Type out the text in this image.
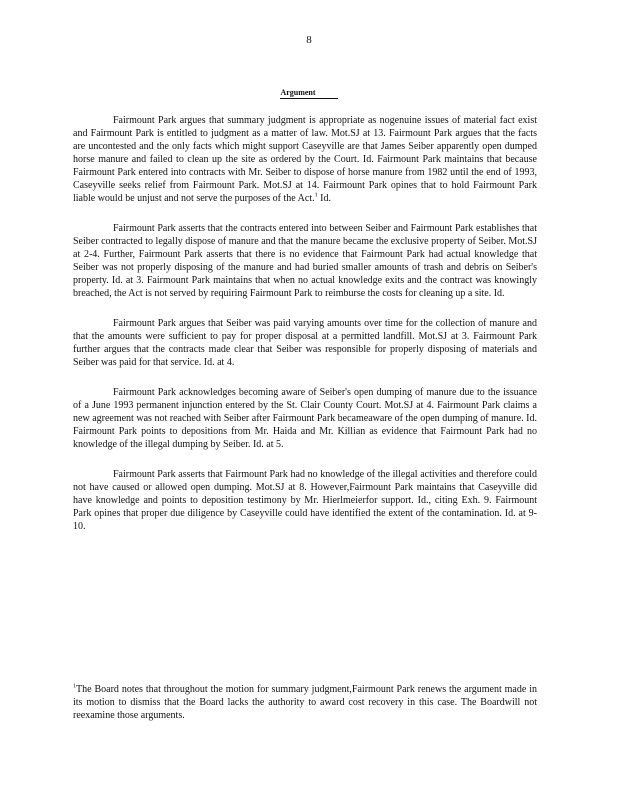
8
Argument

Fairmount Park argues that summary judgment is appropriate as nogenuine issues of material fact exist and Fairmount Park is entitled to judgment as a matter of law. Mot.SJ at 13. Fairmount Park argues that the facts are uncontested and the only facts which might support Caseyville are that James Seiber apparently open dumped horse manure and failed to clean up the site as ordered by the Court. Id. Fairmount Park maintains that because Fairmount Park entered into contracts with Mr. Seiber to dispose of horse manure from 1982 until the end of 1993, Caseyville seeks relief from Fairmount Park. Mot.SJ at 14. Fairmount Park opines that to hold Fairmount Park liable would be unjust and not serve the purposes of the Act.$^1$ Id.

Fairmount Park asserts that the contracts entered into between Seiber and Fairmount Park establishes that Seiber contracted to legally dispose of manure and that the manure became the exclusive property of Seiber. Mot.SJ at 2-4. Further, Fairmount Park asserts that there is no evidence that Fairmount Park had actual knowledge that Seiber was not properly disposing of the manure and had buried smaller amounts of trash and debris on Seiber's property. Id. at 3. Fairmount Park maintains that when no actual knowledge exits and the contract was knowingly breached, the Act is not served by requiring Fairmount Park to reimburse the costs for cleaning up a site. Id.

Fairmount Park argues that Seiber was paid varying amounts over time for the collection of manure and that the amounts were sufficient to pay for proper disposal at a permitted landfill. Mot.SJ at 3. Fairmount Park further argues that the contracts made clear that Seiber was responsible for properly disposing of materials and Seiber was paid for that service. Id. at 4.

Fairmount Park acknowledges becoming aware of Seiber's open dumping of manure due to the issuance of a June 1993 permanent injunction entered by the St. Clair County Court. Mot.SJ at 4. Fairmount Park claims a new agreement was not reached with Seiber after Fairmount Park becameaware of the open dumping of manure. Id. Fairmount Park points to depositions from Mr. Haida and Mr. Killian as evidence that Fairmount Park had no knowledge of the illegal dumping by Seiber. Id. at 5.

Fairmount Park asserts that Fairmount Park had no knowledge of the illegal activities and therefore could not have caused or allowed open dumping. Mot.SJ at 8. However,Fairmount Park maintains that Caseyville did have knowledge and points to deposition testimony by Mr. Hierlmeierfor support. Id., citing Exh. 9. Fairmount Park opines that proper due diligence by Caseyville could have identified the extent of the contamination. Id. at 9-10.

$^1$The Board notes that throughout the motion for summary judgment,Fairmount Park renews the argument made in its motion to dismiss that the Board lacks the authority to award cost recovery in this case. The Boardwill not reexamine those arguments.
